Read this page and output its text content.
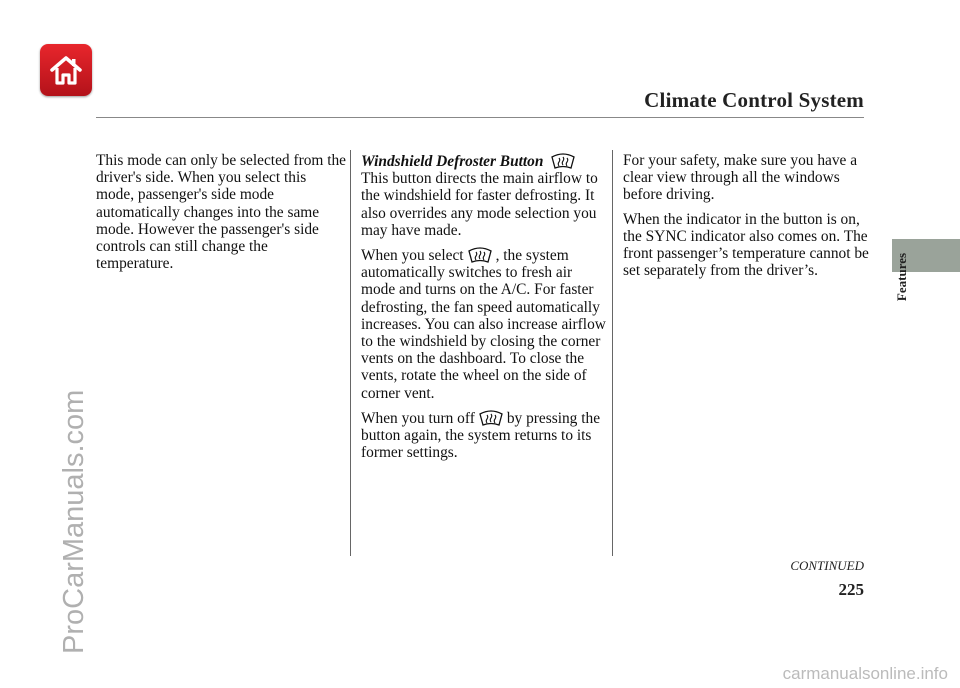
Climate Control System
Features

This mode can only be selected from the driver's side. When you select this mode, passenger's side mode automatically changes into the same mode. However the passenger's side controls can still change the temperature.

Windshield Defroster Button

This button directs the main airflow to the windshield for faster defrosting. It also overrides any mode selection you may have made.

When you select , the system automatically switches to fresh air mode and turns on the A/C. For faster defrosting, the fan speed automatically increases. You can also increase airflow to the windshield by closing the corner vents on the dashboard. To close the vents, rotate the wheel on the side of corner vent.

When you turn off by pressing the button again, the system returns to its former settings.

For your safety, make sure you have a clear view through all the windows before driving.

When the indicator in the button is on, the SYNC indicator also comes on. The front passenger’s temperature cannot be set separately from the driver’s.

CONTINUED
225
ProCarManuals.com
carmanualsonline.info
